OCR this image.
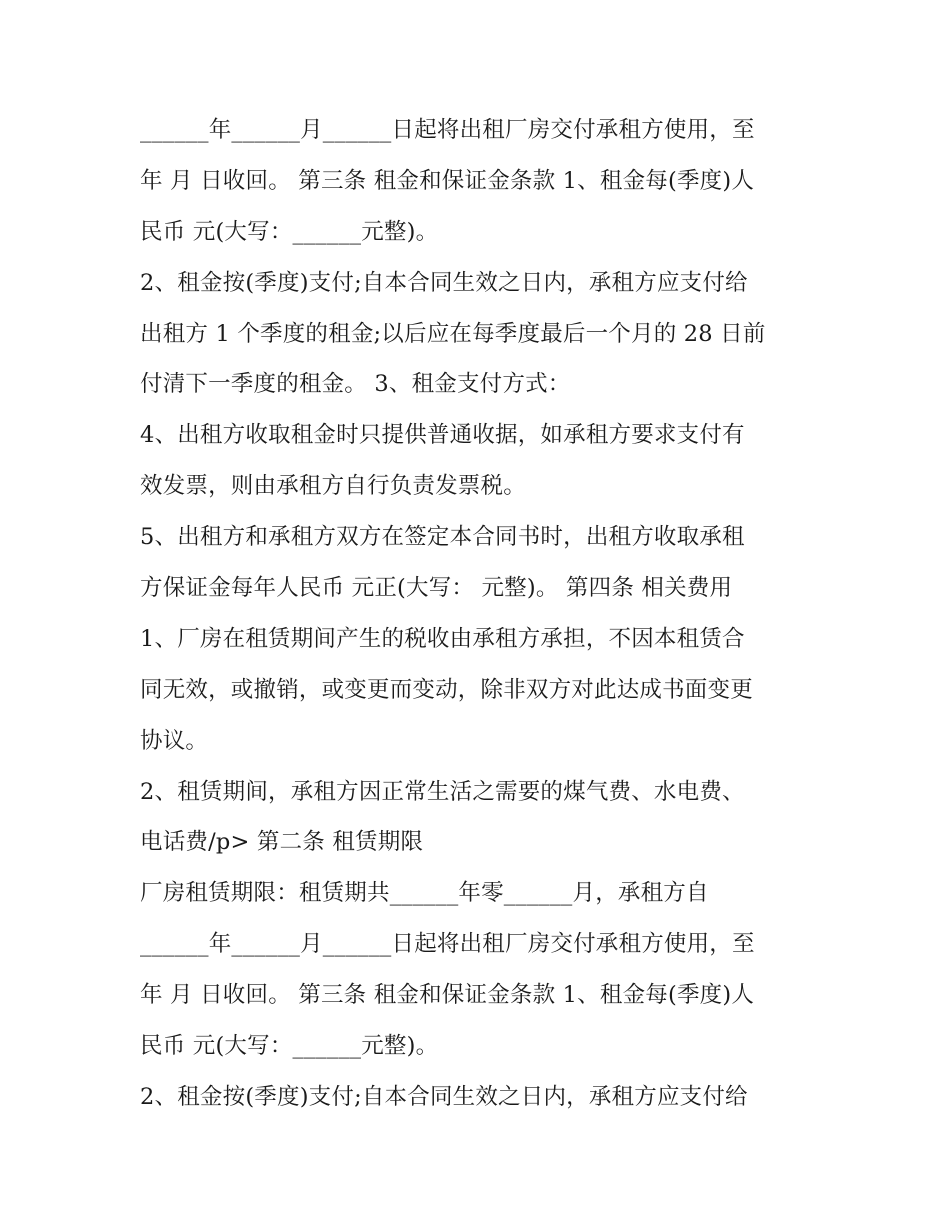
______年______月______日起将出租厂房交付承租方使用，至
年 月 日收回。 第三条 租金和保证金条款 1、租金每(季度)人
民币 元(大写：______元整)。
2、租金按(季度)支付;自本合同生效之日内，承租方应支付给
出租方 1 个季度的租金;以后应在每季度最后一个月的 28 日前
付清下一季度的租金。 3、租金支付方式：
4、出租方收取租金时只提供普通收据，如承租方要求支付有
效发票，则由承租方自行负责发票税。
5、出租方和承租方双方在签定本合同书时，出租方收取承租
方保证金每年人民币 元正(大写： 元整)。 第四条 相关费用
1、厂房在租赁期间产生的税收由承租方承担，不因本租赁合
同无效，或撤销，或变更而变动，除非双方对此达成书面变更
协议。
2、租赁期间，承租方因正常生活之需要的煤气费、水电费、
电话费/p> 第二条 租赁期限
厂房租赁期限：租赁期共______年零______月，承租方自
______年______月______日起将出租厂房交付承租方使用，至
年 月 日收回。 第三条 租金和保证金条款 1、租金每(季度)人
民币 元(大写：______元整)。
2、租金按(季度)支付;自本合同生效之日内，承租方应支付给
